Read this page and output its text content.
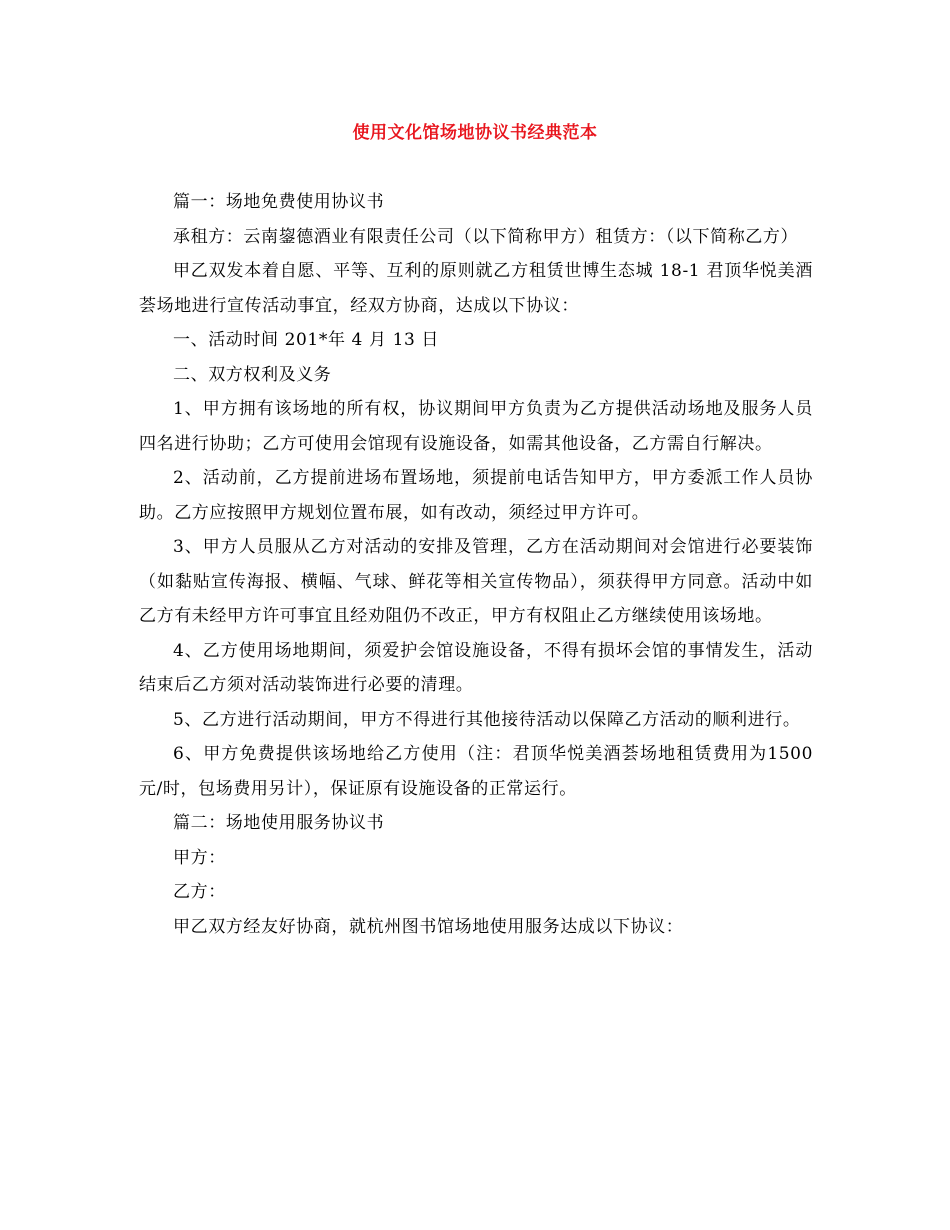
使用文化馆场地协议书经典范本

篇一：场地免费使用协议书

承租方：云南鋆德酒业有限责任公司（以下简称甲方）租赁方：（以下简称乙方）

甲乙双发本着自愿、平等、互利的原则就乙方租赁世博生态城 18-1 君顶华悦美酒荟场地进行宣传活动事宜，经双方协商，达成以下协议：

一、活动时间 201*年 4 月 13 日

二、双方权利及义务

1、甲方拥有该场地的所有权，协议期间甲方负责为乙方提供活动场地及服务人员四名进行协助；乙方可使用会馆现有设施设备，如需其他设备，乙方需自行解决。

2、活动前，乙方提前进场布置场地，须提前电话告知甲方，甲方委派工作人员协助。乙方应按照甲方规划位置布展，如有改动，须经过甲方许可。

3、甲方人员服从乙方对活动的安排及管理，乙方在活动期间对会馆进行必要装饰（如黏贴宣传海报、横幅、气球、鲜花等相关宣传物品），须获得甲方同意。活动中如乙方有未经甲方许可事宜且经劝阻仍不改正，甲方有权阻止乙方继续使用该场地。

4、乙方使用场地期间，须爱护会馆设施设备，不得有损坏会馆的事情发生，活动结束后乙方须对活动装饰进行必要的清理。

5、乙方进行活动期间，甲方不得进行其他接待活动以保障乙方活动的顺利进行。

6、甲方免费提供该场地给乙方使用（注：君顶华悦美酒荟场地租赁费用为1500 元/时，包场费用另计），保证原有设施设备的正常运行。

篇二：场地使用服务协议书

甲方：

乙方：

甲乙双方经友好协商，就杭州图书馆场地使用服务达成以下协议：
